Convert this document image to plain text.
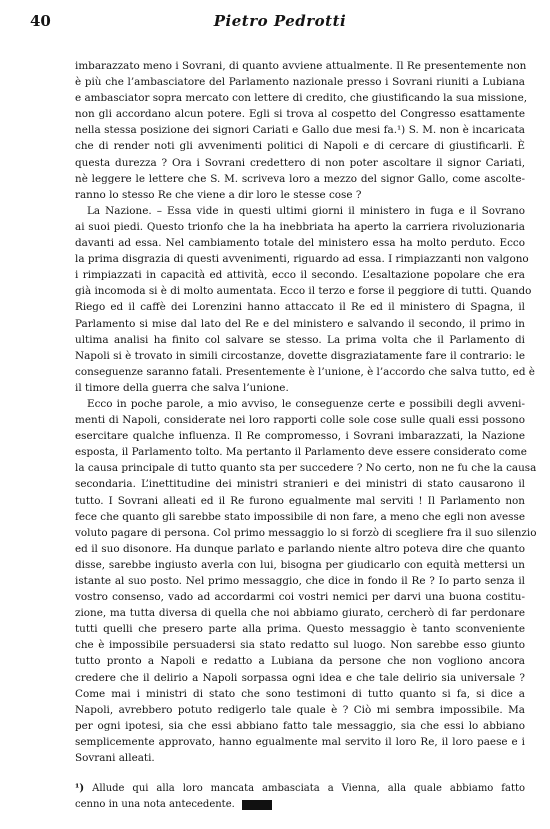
40	Pietro Pedrotti
imbarazzato meno i Sovrani, di quanto avviene attualmente. Il Re presentemente non
è più che l’ambasciatore del Parlamento nazionale presso i Sovrani riuniti a Lubiana
e ambasciator sopra mercato con lettere di credito, che giustificando la sua missione,
non gli accordano alcun potere. Egli si trova al cospetto del Congresso esattamente
nella stessa posizione dei signori Cariati e Gallo due mesi fa.¹) S. M. non è incaricata
che di render noti gli avvenimenti politici di Napoli e di cercare di giustificarli. È
questa durezza ? Ora i Sovrani credettero di non poter ascoltare il signor Cariati,
nè leggere le lettere che S. M. scriveva loro a mezzo del signor Gallo, come ascolte-
ranno lo stesso Re che viene a dir loro le stesse cose ?
La Nazione. – Essa vide in questi ultimi giorni il ministero in fuga e il Sovrano
ai suoi piedi. Questo trionfo che la ha inebbriata ha aperto la carriera rivoluzionaria
davanti ad essa. Nel cambiamento totale del ministero essa ha molto perduto. Ecco
la prima disgrazia di questi avvenimenti, riguardo ad essa. I rimpiazzanti non valgono
i rimpiazzati in capacità ed attività, ecco il secondo. L’esaltazione popolare che era
già incomoda si è di molto aumentata. Ecco il terzo e forse il peggiore di tutti. Quando
Riego ed il caffè dei Lorenzini hanno attaccato il Re ed il ministero di Spagna, il
Parlamento si mise dal lato del Re e del ministero e salvando il secondo, il primo in
ultima analisi ha finito col salvare se stesso. La prima volta che il Parlamento di
Napoli si è trovato in simili circostanze, dovette disgraziatamente fare il contrario: le
conseguenze saranno fatali. Presentemente è l’unione, è l’accordo che salva tutto, ed è
il timore della guerra che salva l’unione.
Ecco in poche parole, a mio avviso, le conseguenze certe e possibili degli avveni-
menti di Napoli, considerate nei loro rapporti colle sole cose sulle quali essi possono
esercitare qualche influenza. Il Re compromesso, i Sovrani imbarazzati, la Nazione
esposta, il Parlamento tolto. Ma pertanto il Parlamento deve essere considerato come
la causa principale di tutto quanto sta per succedere ? No certo, non ne fu che la causa
secondaria. L’inettitudine dei ministri stranieri e dei ministri di stato causarono il
tutto. I Sovrani alleati ed il Re furono egualmente mal serviti ! Il Parlamento non
fece che quanto gli sarebbe stato impossibile di non fare, a meno che egli non avesse
voluto pagare di persona. Col primo messaggio lo si forzò di scegliere fra il suo silenzio
ed il suo disonore. Ha dunque parlato e parlando niente altro poteva dire che quanto
disse, sarebbe ingiusto averla con lui, bisogna per giudicarlo con equità mettersi un
istante al suo posto. Nel primo messaggio, che dice in fondo il Re ? Io parto senza il
vostro consenso, vado ad accordarmi coi vostri nemici per darvi una buona costitu-
zione, ma tutta diversa di quella che noi abbiamo giurato, cercherò di far perdonare
tutti quelli che presero parte alla prima. Questo messaggio è tanto sconveniente
che è impossibile persuadersi sia stato redatto sul luogo. Non sarebbe esso giunto
tutto pronto a Napoli e redatto a Lubiana da persone che non vogliono ancora
credere che il delirio a Napoli sorpassa ogni idea e che tale delirio sia universale ?
Come mai i ministri di stato che sono testimoni di tutto quanto si fa, si dice a
Napoli, avrebbero potuto redigerlo tale quale è ? Ciò mi sembra impossibile. Ma
per ogni ipotesi, sia che essi abbiano fatto tale messaggio, sia che essi lo abbiano
semplicemente approvato, hanno egualmente mal servito il loro Re, il loro paese e i
Sovrani alleati.
¹) Allude qui alla loro mancata ambasciata a Vienna, alla quale abbiamo fatto
cenno in una nota antecedente.
